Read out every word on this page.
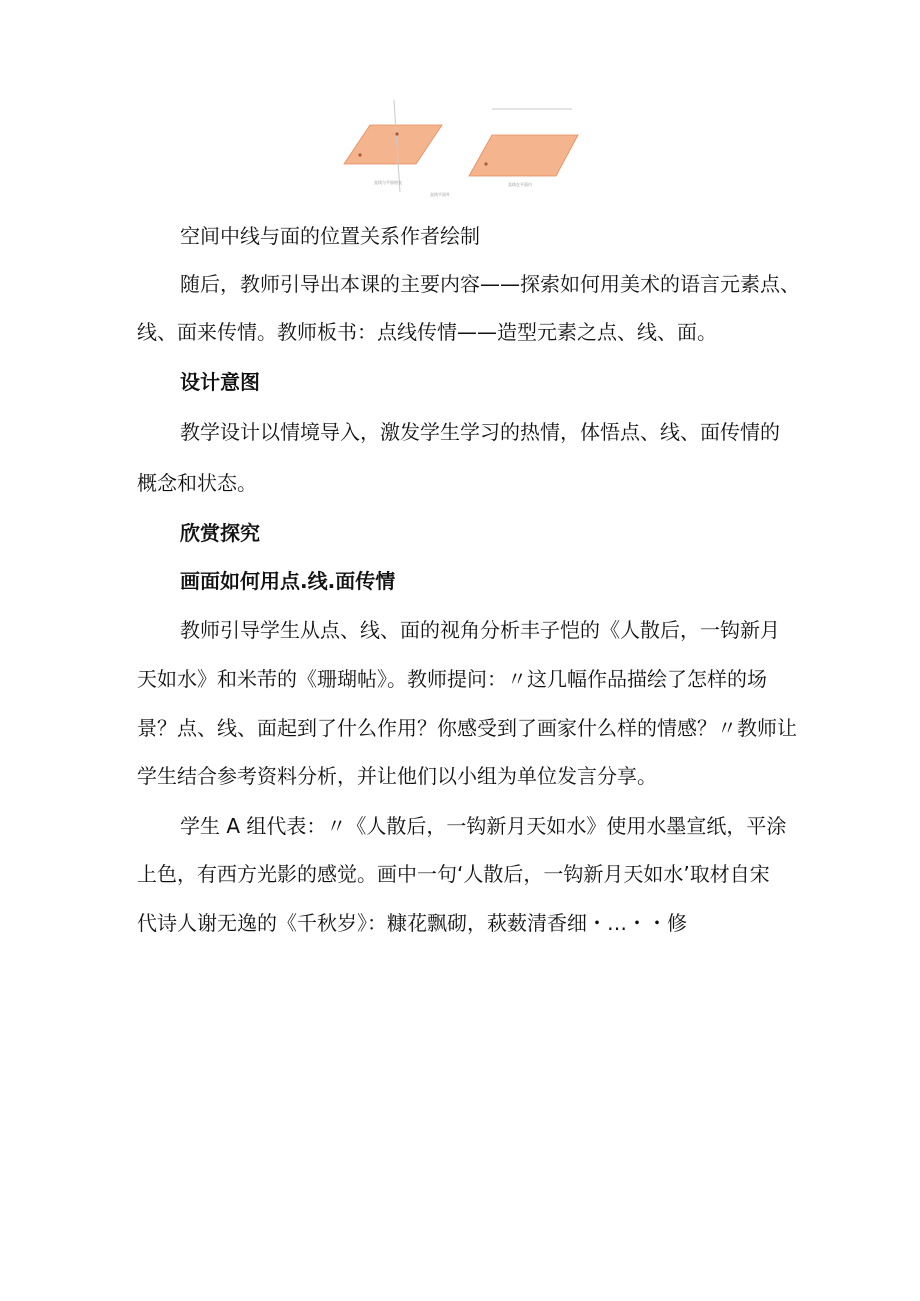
直线与平面相交
直线平面外
直线在平面内

空间中线与面的位置关系作者绘制

随后，教师引导出本课的主要内容——探索如何用美术的语言元素点、

线、面来传情。教师板书：点线传情——造型元素之点、线、面。

设计意图

教学设计以情境导入，激发学生学习的热情，体悟点、线、面传情的

概念和状态。

欣赏探究

画面如何用点.线.面传情

教师引导学生从点、线、面的视角分析丰子恺的《人散后，一钩新月

天如水》和米芾的《珊瑚帖》。教师提问：〃这几幅作品描绘了怎样的场

景？点、线、面起到了什么作用？你感受到了画家什么样的情感？〃教师让

学生结合参考资料分析，并让他们以小组为单位发言分享。

学生 A 组代表：〃《人散后，一钩新月天如水》使用水墨宣纸，平涂

上色，有西方光影的感觉。画中一句‘人散后，一钩新月天如水’取材自宋

代诗人谢无逸的《千秋岁》：糠花飘砌，萩薮清香细・…・・修
